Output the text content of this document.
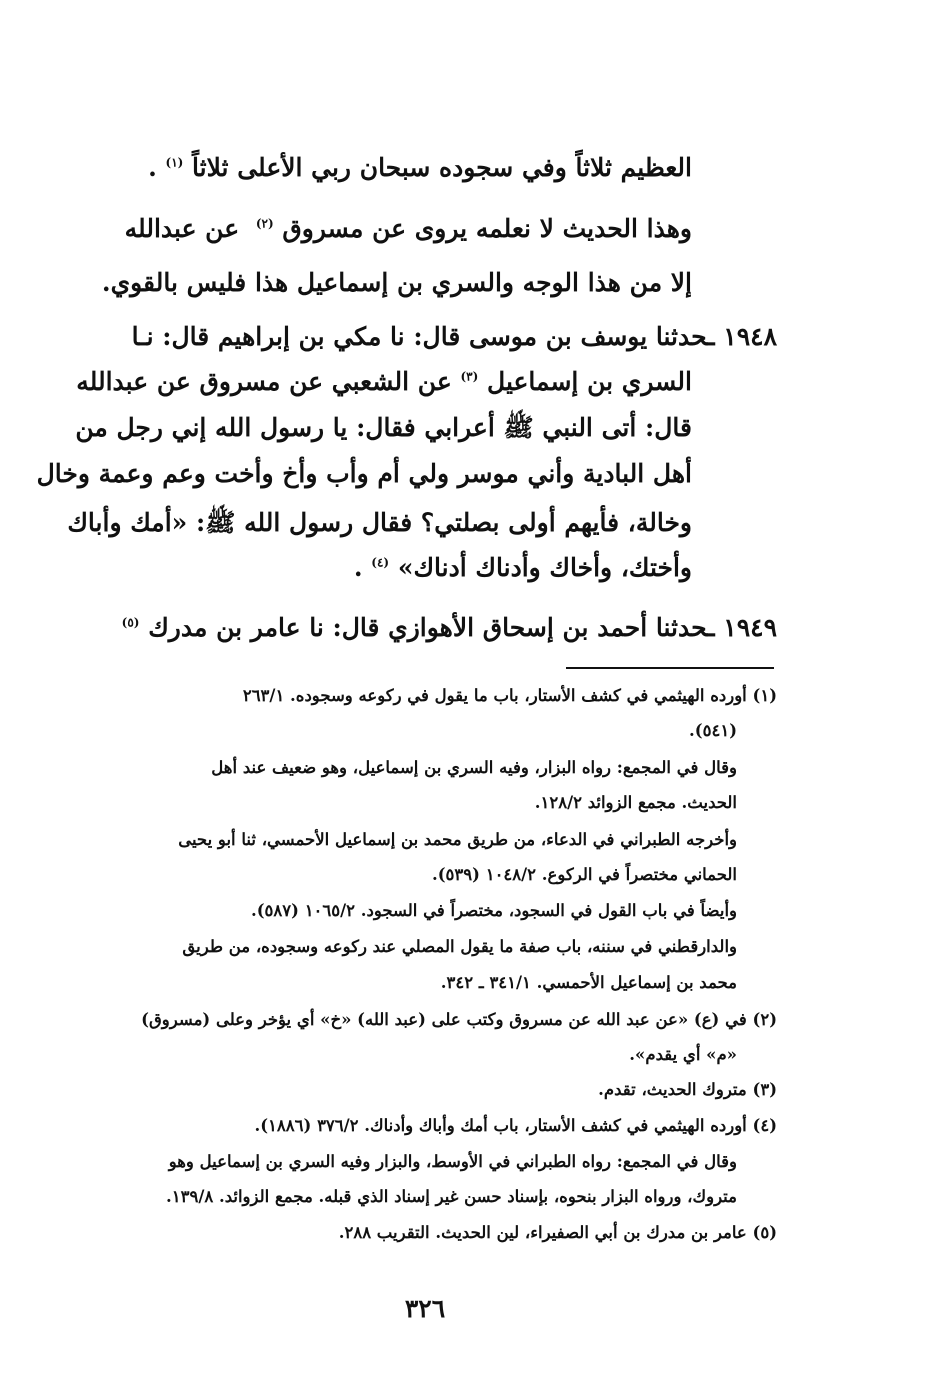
العظيم ثلاثاً وفي سجوده سبحان ربي الأعلى ثلاثاً $^{(١)}$ .
وهذا الحديث لا نعلمه يروى عن مسروق $^{(٢)}$ عن عبدالله
إلا من هذا الوجه والسري بن إسماعيل هذا فليس بالقوي.
١٩٤٨ ـحدثنا يوسف بن موسى قال: نا مكي بن إبراهيم قال: نـا
السري بن إسماعيل $^{(٣)}$ عن الشعبي عن مسروق عن عبدالله
قال: أتى النبي ﷺ أعرابي فقال: يا رسول الله إني رجل من
أهل البادية وأني موسر ولي أم وأب وأخ وأخت وعم وعمة وخال
وخالة، فأيهم أولى بصلتي؟ فقال رسول الله ﷺ: «أمك وأباك
وأختك، وأخاك وأدناك أدناك» $^{(٤)}$ .
١٩٤٩ ـحدثنا أحمد بن إسحاق الأهوازي قال: نا عامر بن مدرك $^{(٥)}$
(١) أورده الهيثمي في كشف الأستار، باب ما يقول في ركوعه وسجوده. ٢٦٣/١
(٥٤١).
وقال في المجمع: رواه البزار، وفيه السري بن إسماعيل، وهو ضعيف عند أهل
الحديث. مجمع الزوائد ١٢٨/٢.
وأخرجه الطبراني في الدعاء، من طريق محمد بن إسماعيل الأحمسي، ثنا أبو يحيى
الحماني مختصراً في الركوع. ١٠٤٨/٢ (٥٣٩).
وأيضاً في باب القول في السجود، مختصراً في السجود. ١٠٦٥/٢ (٥٨٧).
والدارقطني في سننه، باب صفة ما يقول المصلي عند ركوعه وسجوده، من طريق
محمد بن إسماعيل الأحمسي. ٣٤١/١ ـ ٣٤٢.
(٢) في (ع) «عن عبد الله عن مسروق وكتب على (عبد الله) «خ» أي يؤخر وعلى (مسروق)
«م» أي يقدم».
(٣) متروك الحديث، تقدم.
(٤) أورده الهيثمي في كشف الأستار، باب أمك وأباك وأدناك. ٣٧٦/٢ (١٨٨٦).
وقال في المجمع: رواه الطبراني في الأوسط، والبزار وفيه السري بن إسماعيل وهو
متروك، ورواه البزار بنحوه، بإسناد حسن غير إسناد الذي قبله. مجمع الزوائد. ١٣٩/٨.
(٥) عامر بن مدرك بن أبي الصفيراء، لين الحديث. التقريب ٢٨٨.
٣٢٦
